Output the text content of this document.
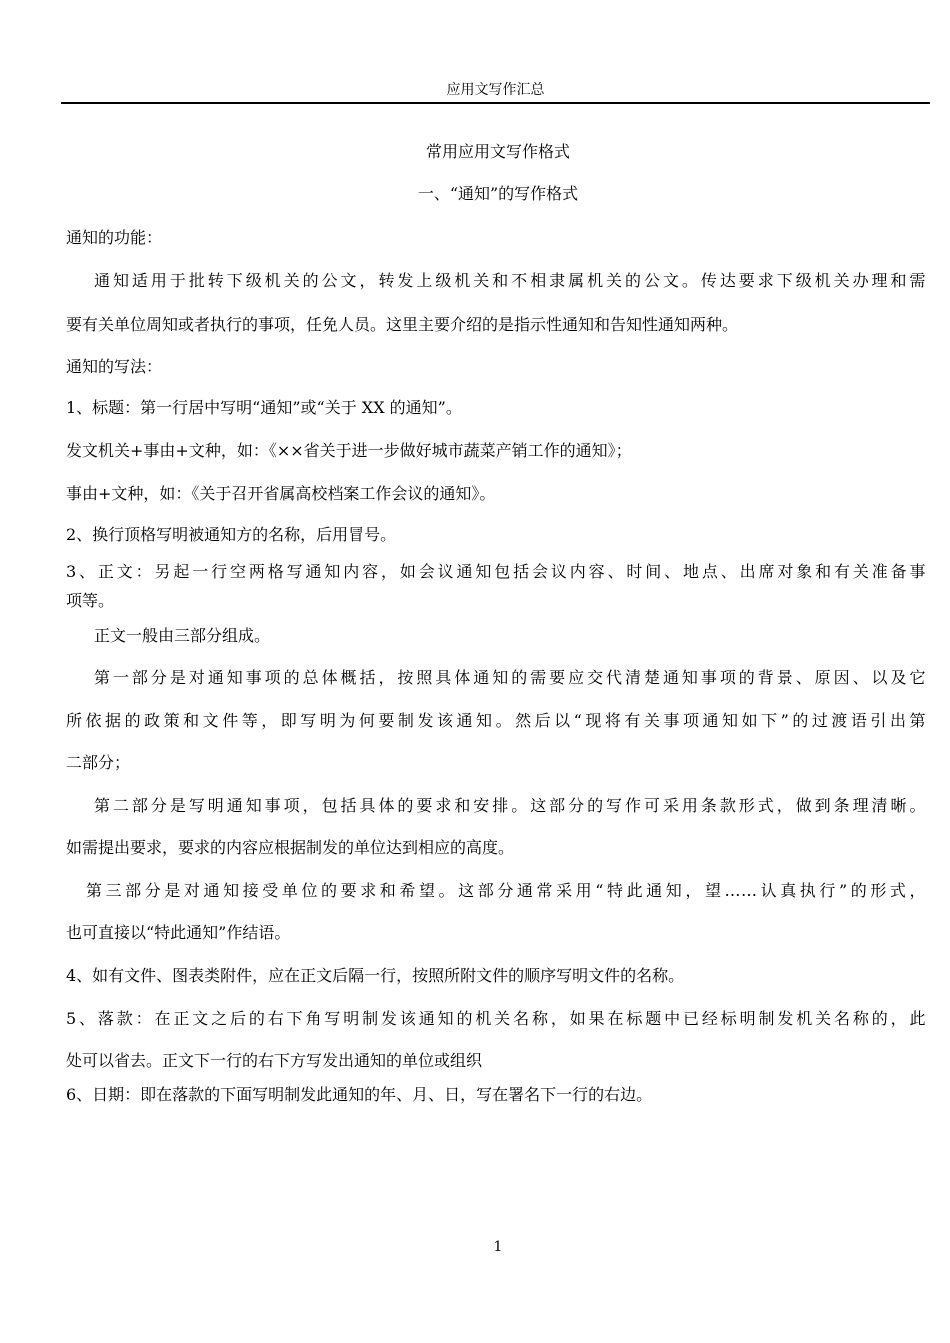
应用文写作汇总

常用应用文写作格式

一、“通知”的写作格式

通知的功能：

通知适用于批转下级机关的公文，转发上级机关和不相隶属机关的公文。传达要求下级机关办理和需

要有关单位周知或者执行的事项，任免人员。这里主要介绍的是指示性通知和告知性通知两种。

通知的写法：

1、标题：第一行居中写明“通知”或“关于 XX 的通知”。

发文机关+事由+文种，如：《××省关于进一步做好城市蔬菜产销工作的通知》；

事由+文种，如：《关于召开省属高校档案工作会议的通知》。

2、换行顶格写明被通知方的名称，后用冒号。

3、正文：另起一行空两格写通知内容，如会议通知包括会议内容、时间、地点、出席对象和有关准备事

项等。

正文一般由三部分组成。

第一部分是对通知事项的总体概括，按照具体通知的需要应交代清楚通知事项的背景、原因、以及它

所依据的政策和文件等，即写明为何要制发该通知。然后以“现将有关事项通知如下”的过渡语引出第

二部分；

第二部分是写明通知事项，包括具体的要求和安排。这部分的写作可采用条款形式，做到条理清晰。

如需提出要求，要求的内容应根据制发的单位达到相应的高度。

第三部分是对通知接受单位的要求和希望。这部分通常采用“特此通知，望……认真执行”的形式，

也可直接以“特此通知”作结语。

4、如有文件、图表类附件，应在正文后隔一行，按照所附文件的顺序写明文件的名称。

5、落款：在正文之后的右下角写明制发该通知的机关名称，如果在标题中已经标明制发机关名称的，此

处可以省去。正文下一行的右下方写发出通知的单位或组织

6、日期：即在落款的下面写明制发此通知的年、月、日，写在署名下一行的右边。

1
